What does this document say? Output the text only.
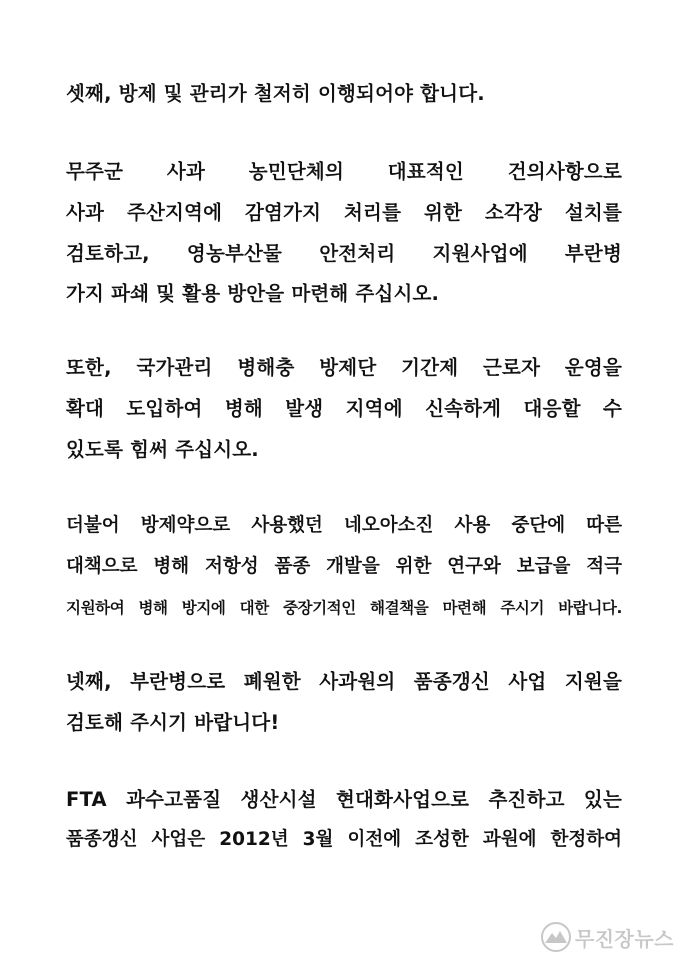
셋째, 방제 및 관리가 철저히 이행되어야 합니다.
무주군 사과 농민단체의 대표적인 건의사항으로
사과 주산지역에 감염가지 처리를 위한 소각장 설치를
검토하고, 영농부산물 안전처리 지원사업에 부란병
가지 파쇄 및 활용 방안을 마련해 주십시오.
또한, 국가관리 병해충 방제단 기간제 근로자 운영을
확대 도입하여 병해 발생 지역에 신속하게 대응할 수
있도록 힘써 주십시오.
더불어 방제약으로 사용했던 네오아소진 사용 중단에 따른
대책으로 병해 저항성 품종 개발을 위한 연구와 보급을 적극
지원하여 병해 방지에 대한 중장기적인 해결책을 마련해 주시기 바랍니다.
넷째, 부란병으로 폐원한 사과원의 품종갱신 사업 지원을
검토해 주시기 바랍니다!
FTA 과수고품질 생산시설 현대화사업으로 추진하고 있는
품종갱신 사업은 2012년 3월 이전에 조성한 과원에 한정하여
무진장뉴스
